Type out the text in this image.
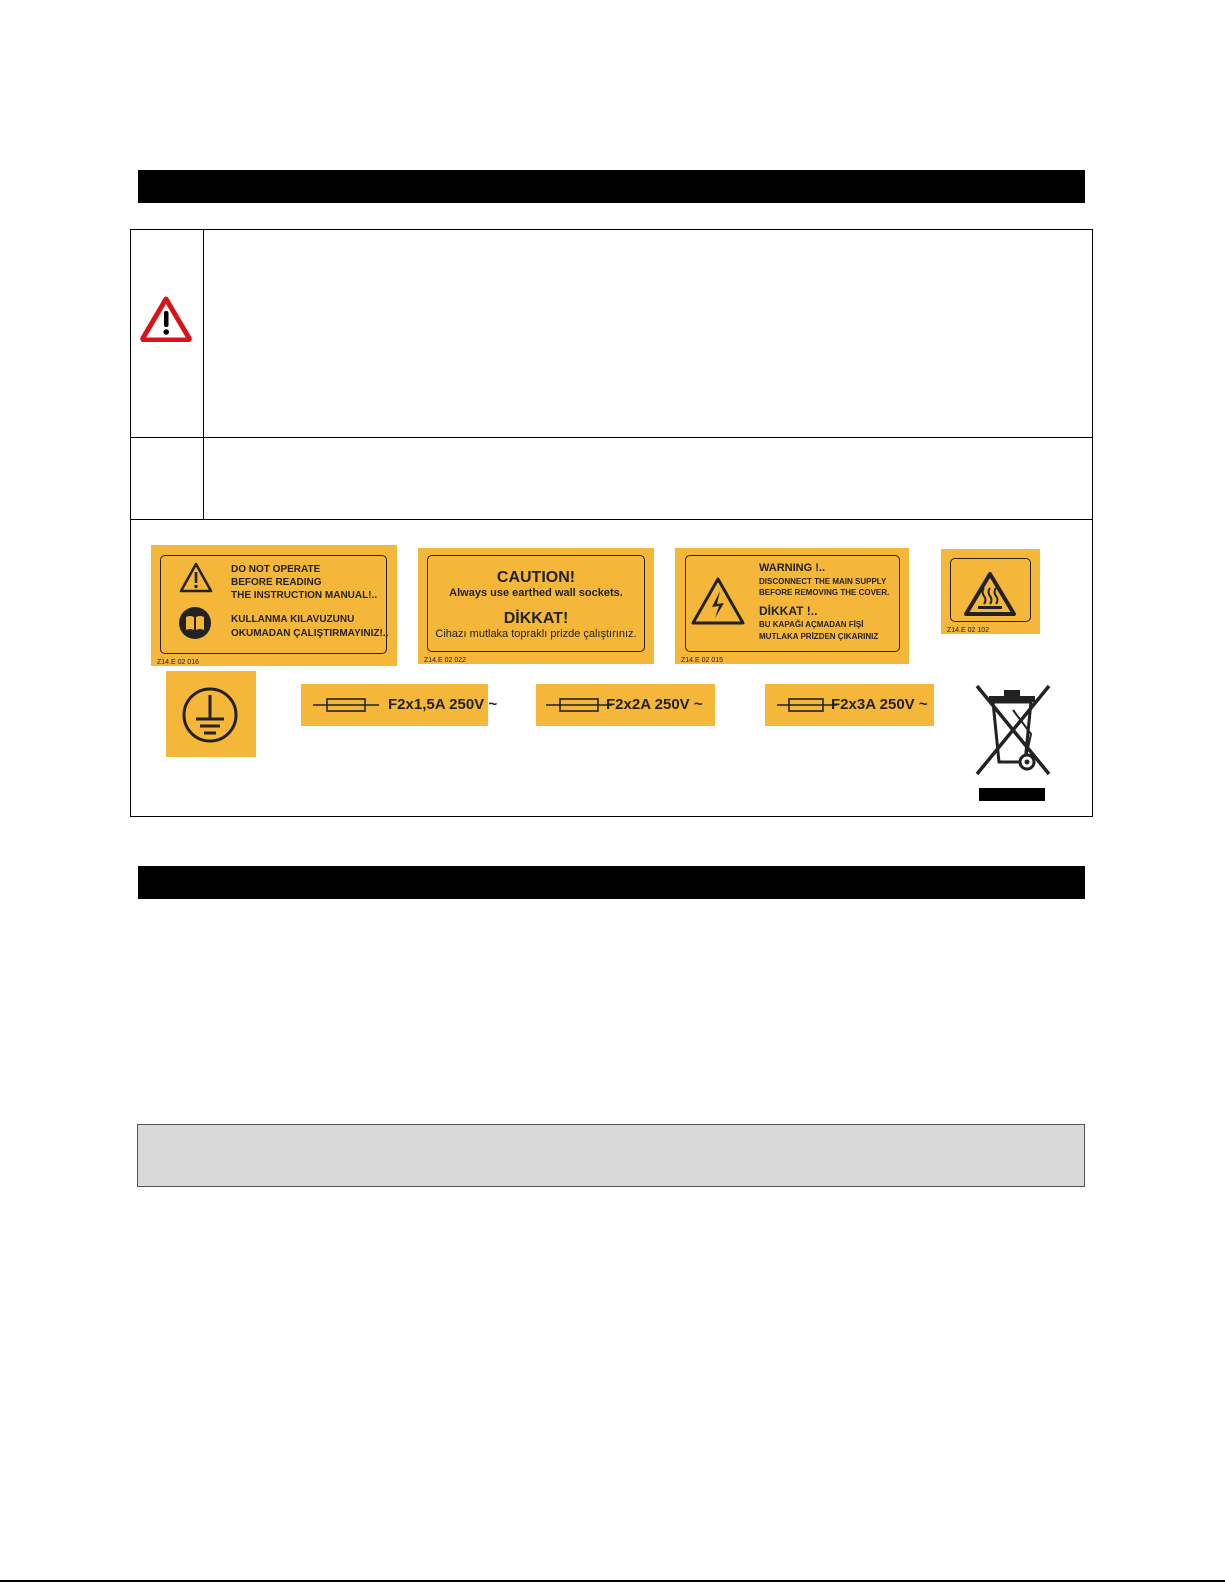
DO NOT OPERATE
BEFORE READING
THE INSTRUCTION MANUAL!..
KULLANMA KILAVUZUNU
OKUMADAN ÇALIŞTIRMAYINIZ!..
Z14.E 02 016
CAUTION!
Always use earthed wall sockets.
DİKKAT!
Cihazı mutlaka topraklı prizde çalıştırınız.
Z14.E 02 022
WARNING !..
DISCONNECT THE MAIN SUPPLY
BEFORE REMOVING THE COVER.
DİKKAT !..
BU KAPAĞI AÇMADAN FİŞİ
MUTLAKA PRİZDEN ÇIKARINIZ
Z14.E 02 015
Z14.E 02 102
F2x1,5A 250V ~	F2x2A 250V ~	F2x3A 250V ~
